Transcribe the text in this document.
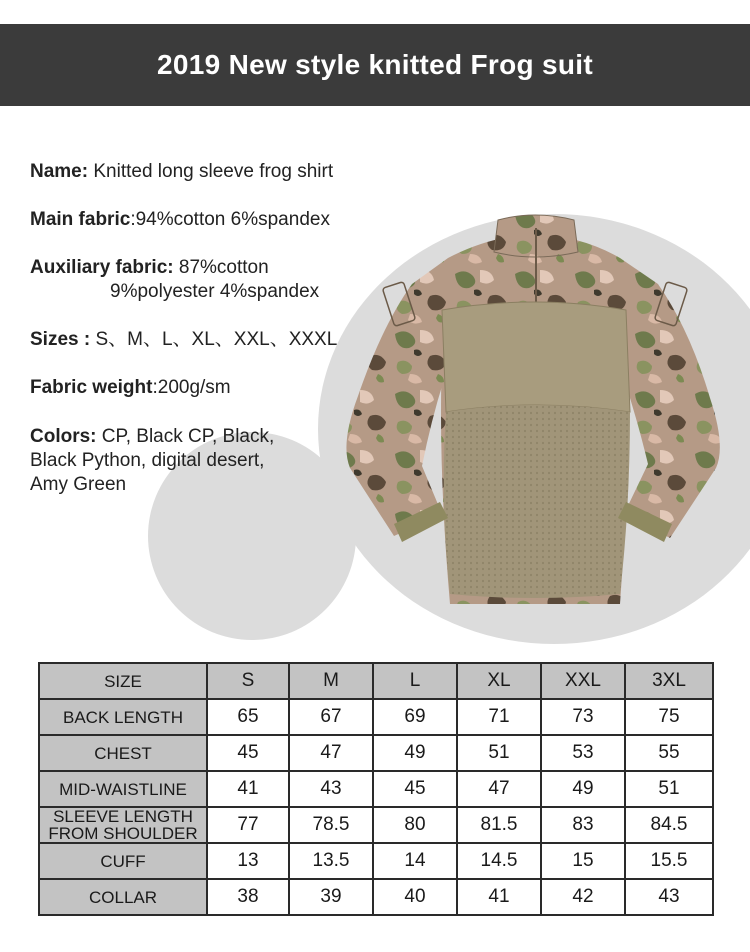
2019 New style knitted Frog suit
Name: Knitted long sleeve frog shirt
Main fabric:94%cotton 6%spandex
Auxiliary fabric: 87%cotton
9%polyester 4%spandex
Sizes : S、M、L、XL、XXL、XXXL
Fabric weight:200g/sm
Colors: CP, Black CP, Black,
Black Python, digital desert,
Amy Green
SIZE	S	M	L	XL	XXL	3XL
BACK LENGTH	65	67	69	71	73	75
CHEST	45	47	49	51	53	55
MID-WAISTLINE	41	43	45	47	49	51
SLEEVE LENGTH
FROM SHOULDER	77	78.5	80	81.5	83	84.5
CUFF	13	13.5	14	14.5	15	15.5
COLLAR	38	39	40	41	42	43
